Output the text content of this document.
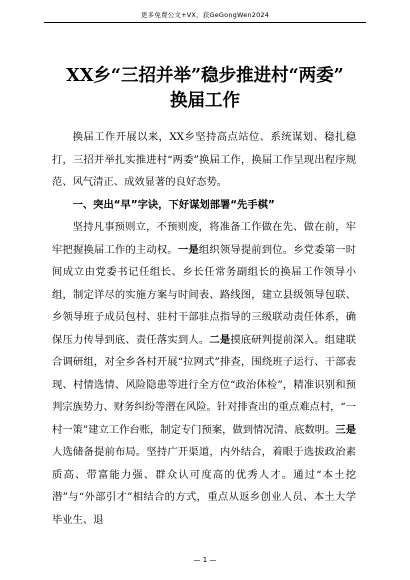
更多免费公文+VX，获GeGongWen2024
XX乡“三招并举”稳步推进村“两委”
换届工作

换届工作开展以来，XX乡坚持高点站位、系统谋划、稳扎稳打，三招并举扎实推进村“两委”换届工作，换届工作呈现出程序规范、风气清正、成效显著的良好态势。

一、突出“早”字诀，下好谋划部署“先手棋”

坚持凡事预则立，不预则废，将准备工作做在先、做在前，牢牢把握换届工作的主动权。一是组织领导提前到位。乡党委第一时间成立由党委书记任组长、乡长任常务副组长的换届工作领导小组，制定详尽的实施方案与时间表、路线图，建立县级领导包联、乡领导班子成员包村、驻村干部驻点指导的三级联动责任体系，确保压力传导到底、责任落实到人。二是摸底研判提前深入。组建联合调研组，对全乡各村开展“拉网式”排查，围绕班子运行、干部表现、村情选情、风险隐患等进行全方位“政治体检”，精准识别和预判宗族势力、财务纠纷等潜在风险。针对排查出的重点难点村，“一村一策”建立工作台账，制定专门预案，做到情况清、底数明。三是人选储备提前布局。坚持广开渠道，内外结合，着眼于选拔政治素质高、带富能力强、群众认可度高的优秀人才。通过“本土挖潜”与“外部引才”相结合的方式，重点从返乡创业人员、本土大学毕业生、退

— 1 —
